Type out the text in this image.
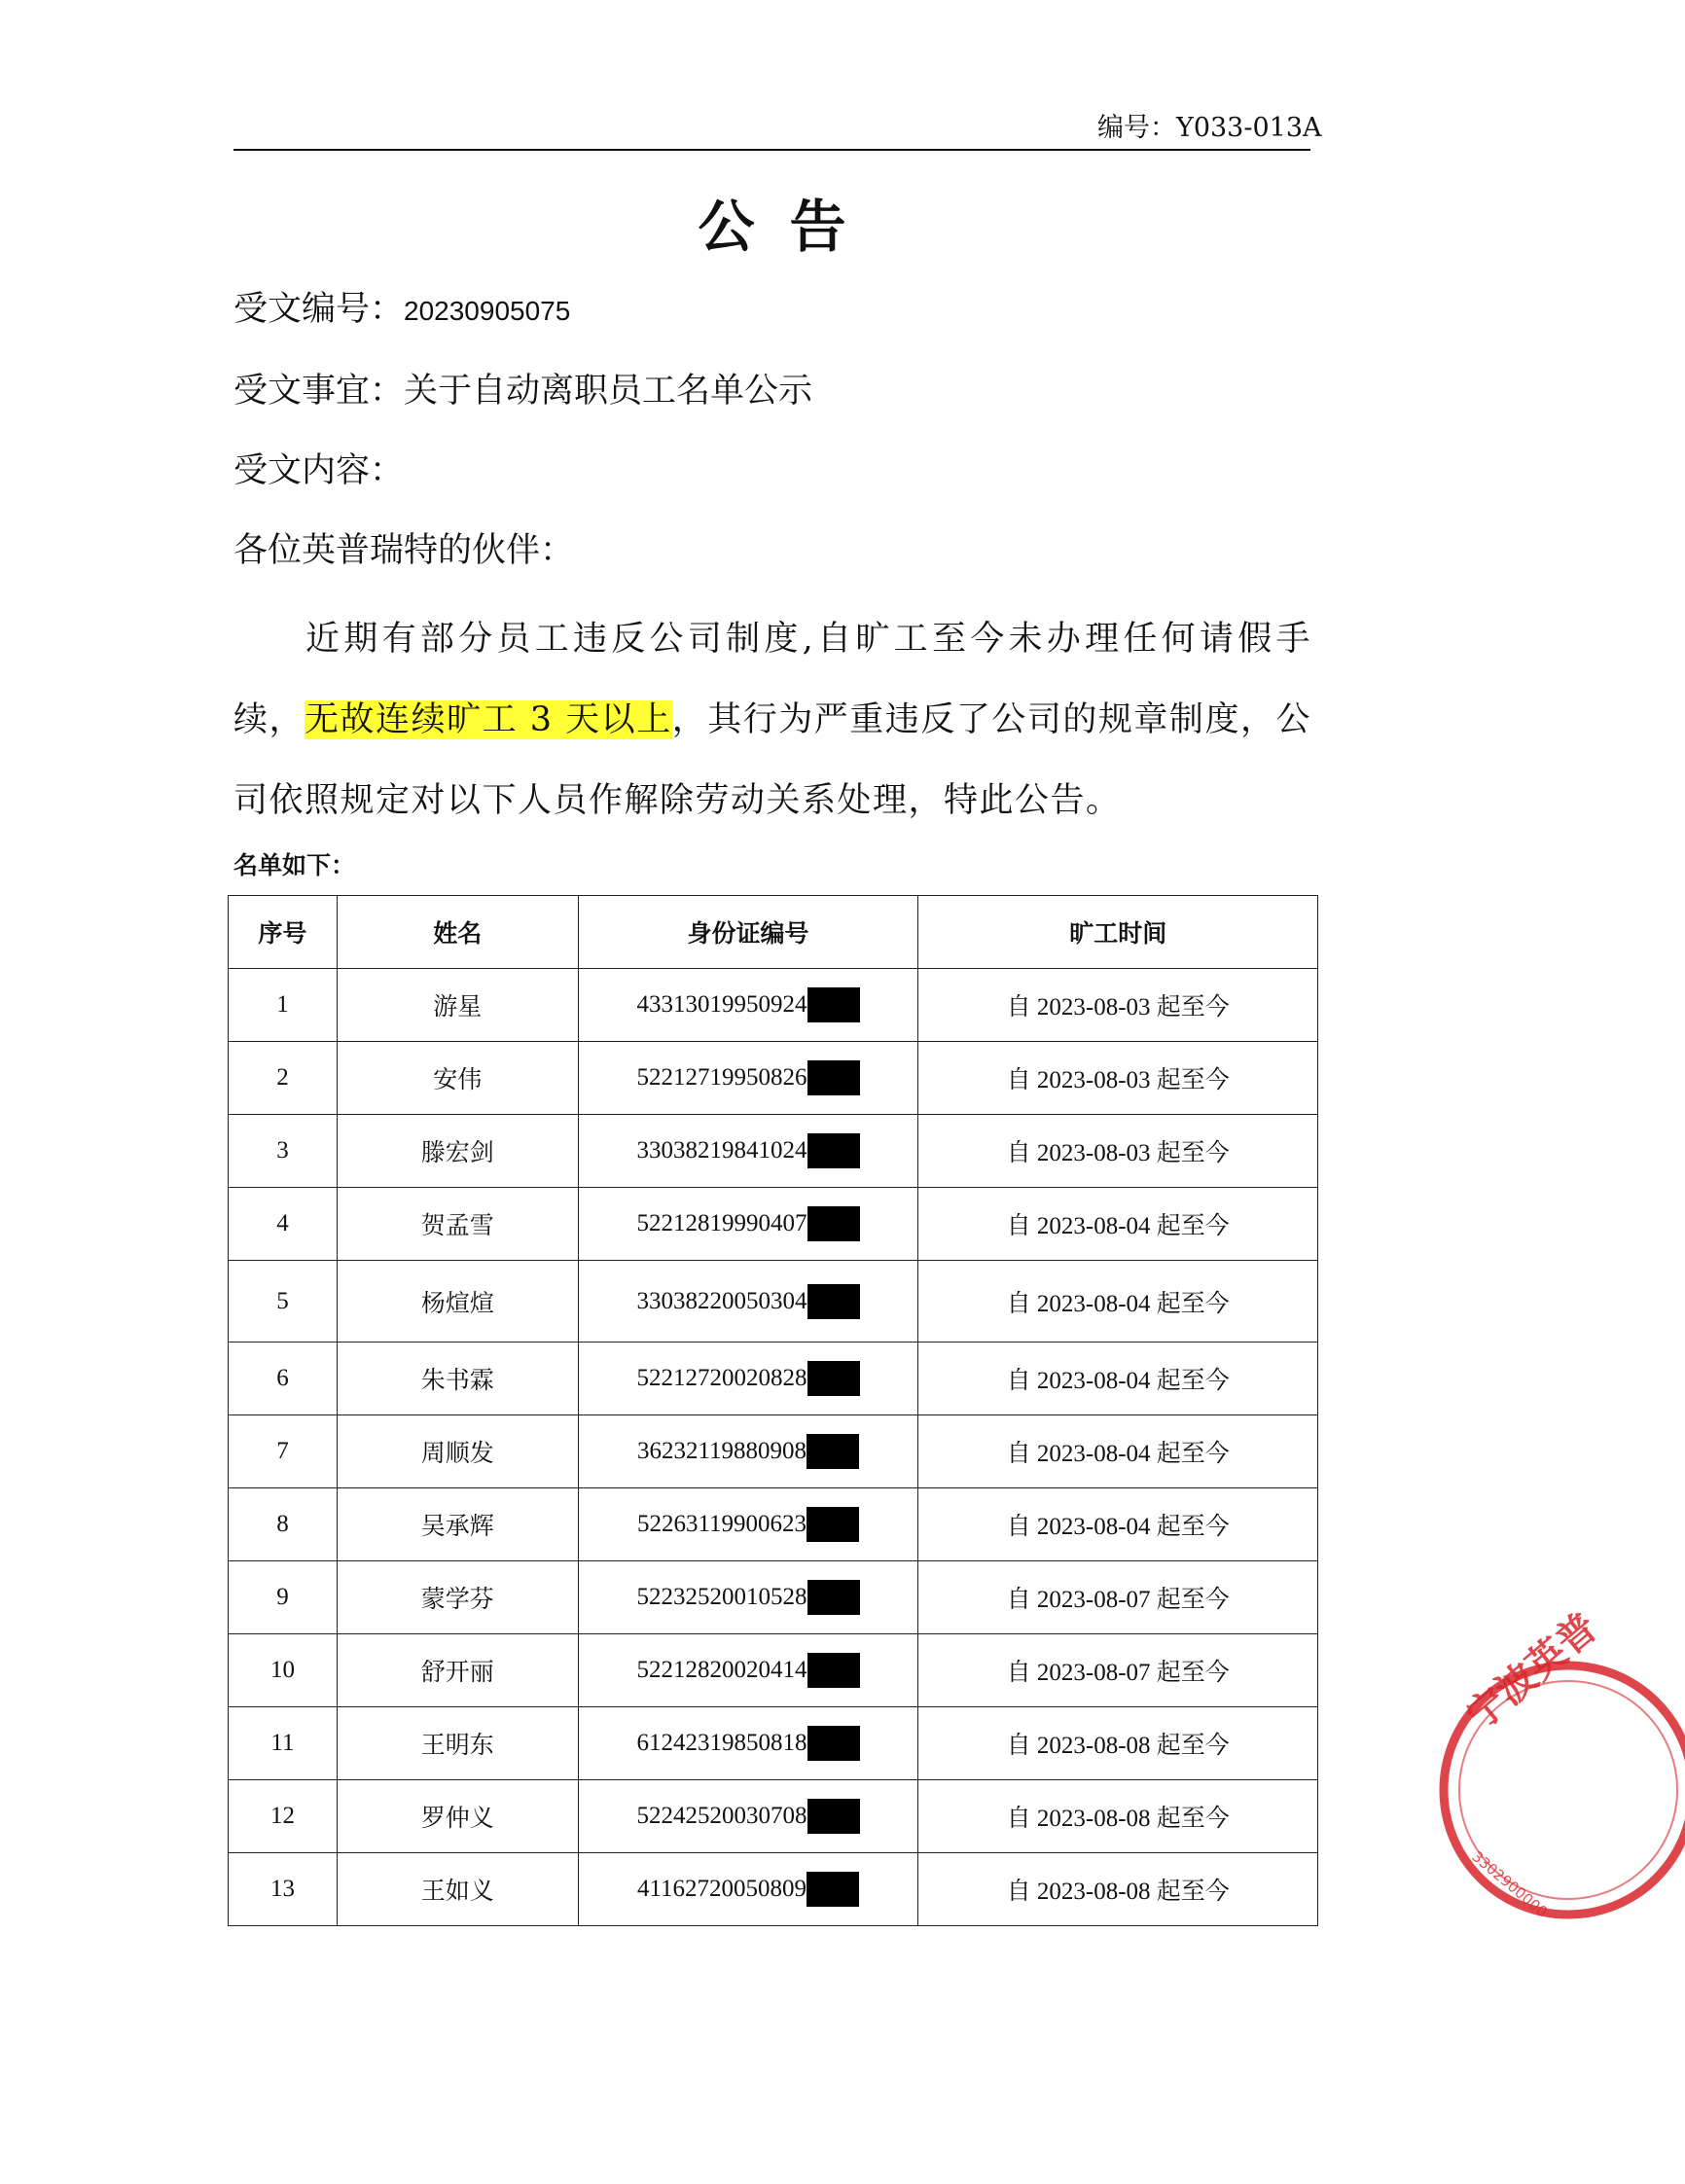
编号：Y033-013A
公告
受文编号：20230905075
受文事宜：关于自动离职员工名单公示
受文内容：
各位英普瑞特的伙伴：
近期有部分员工违反公司制度,自旷工至今未办理任何请假手续，无故连续旷工 3 天以上，其行为严重违反了公司的规章制度，公司依照规定对以下人员作解除劳动关系处理，特此公告。
名单如下：
序号	姓名	身份证编号	旷工时间
1	游星	43313019950924	自 2023-08-03 起至今
2	安伟	52212719950826	自 2023-08-03 起至今
3	滕宏剑	33038219841024	自 2023-08-03 起至今
4	贺孟雪	52212819990407	自 2023-08-04 起至今
5	杨煊煊	33038220050304	自 2023-08-04 起至今
6	朱书霖	52212720020828	自 2023-08-04 起至今
7	周顺发	36232119880908	自 2023-08-04 起至今
8	吴承辉	52263119900623	自 2023-08-04 起至今
9	蒙学芬	52232520010528	自 2023-08-07 起至今
10	舒开丽	52212820020414	自 2023-08-07 起至今
11	王明东	61242319850818	自 2023-08-08 起至今
12	罗仲义	52242520030708	自 2023-08-08 起至今
13	王如义	41162720050809	自 2023-08-08 起至今
宁波英普
3302900000
